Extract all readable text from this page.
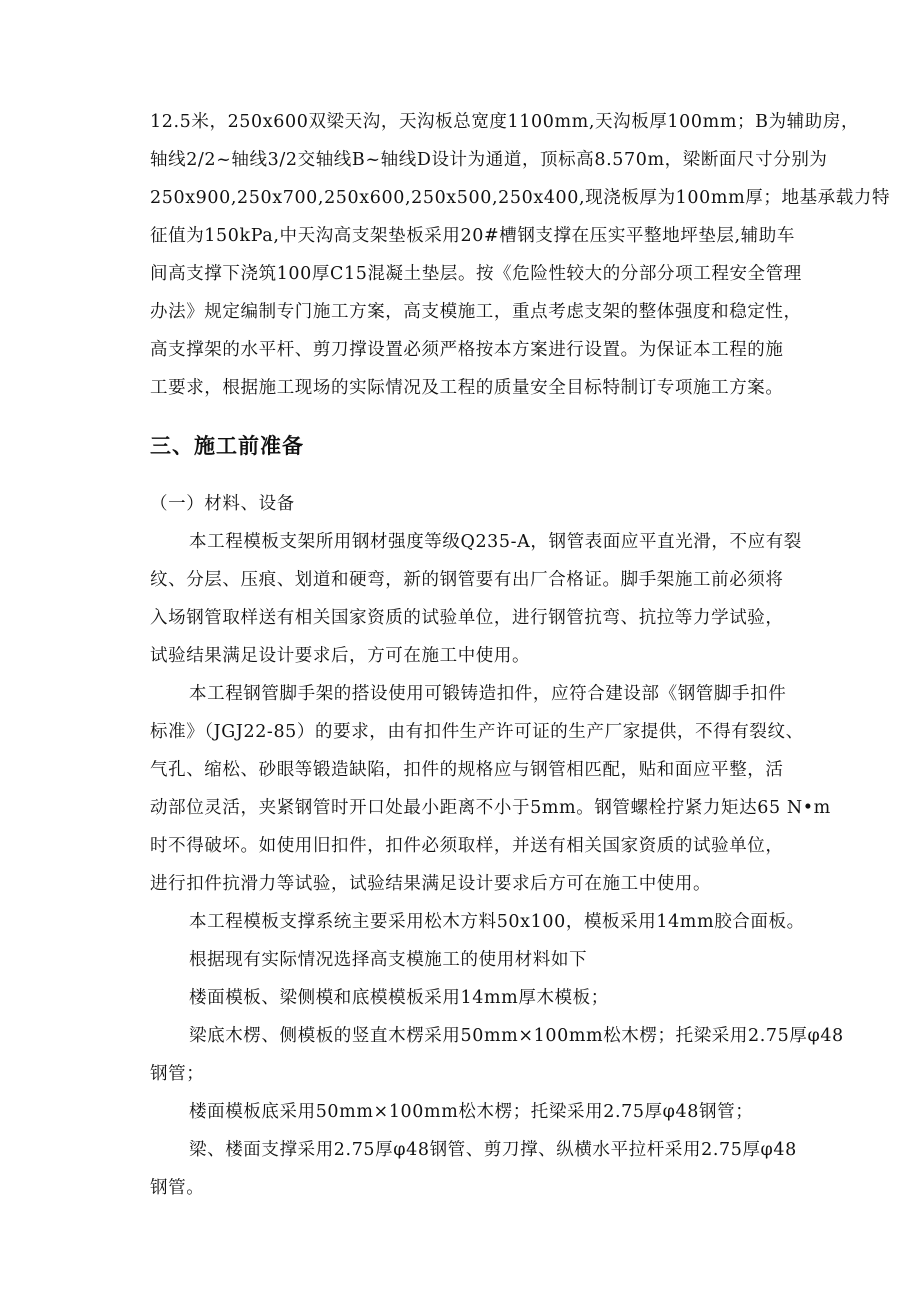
12.5米，250x600双梁天沟，天沟板总宽度1100mm,天沟板厚100mm；B为辅助房，
轴线2/2~轴线3/2交轴线B~轴线D设计为通道，顶标高8.570m，梁断面尺寸分别为
250x900,250x700,250x600,250x500,250x400,现浇板厚为100mm厚；地基承载力特
征值为150kPa,中天沟高支架垫板采用20#槽钢支撑在压实平整地坪垫层,辅助车
间高支撑下浇筑100厚C15混凝土垫层。按《危险性较大的分部分项工程安全管理
办法》规定编制专门施工方案，高支模施工，重点考虑支架的整体强度和稳定性，
高支撑架的水平杆、剪刀撑设置必须严格按本方案进行设置。为保证本工程的施
工要求，根据施工现场的实际情况及工程的质量安全目标特制订专项施工方案。
三、施工前准备
（一）材料、设备
本工程模板支架所用钢材强度等级Q235-A，钢管表面应平直光滑，不应有裂
纹、分层、压痕、划道和硬弯，新的钢管要有出厂合格证。脚手架施工前必须将
入场钢管取样送有相关国家资质的试验单位，进行钢管抗弯、抗拉等力学试验，
试验结果满足设计要求后，方可在施工中使用。
本工程钢管脚手架的搭设使用可锻铸造扣件，应符合建设部《钢管脚手扣件
标准》（JGJ22-85）的要求，由有扣件生产许可证的生产厂家提供，不得有裂纹、
气孔、缩松、砂眼等锻造缺陷，扣件的规格应与钢管相匹配，贴和面应平整，活
动部位灵活，夹紧钢管时开口处最小距离不小于5mm。钢管螺栓拧紧力矩达65 N•m
时不得破坏。如使用旧扣件，扣件必须取样，并送有相关国家资质的试验单位，
进行扣件抗滑力等试验，试验结果满足设计要求后方可在施工中使用。
本工程模板支撑系统主要采用松木方料50x100，模板采用14mm胶合面板。
根据现有实际情况选择高支模施工的使用材料如下
楼面模板、梁侧模和底模模板采用14mm厚木模板；
梁底木楞、侧模板的竖直木楞采用50mm×100mm松木楞；托梁采用2.75厚φ48
钢管；
楼面模板底采用50mm×100mm松木楞；托梁采用2.75厚φ48钢管；
梁、楼面支撑采用2.75厚φ48钢管、剪刀撑、纵横水平拉杆采用2.75厚φ48
钢管。
